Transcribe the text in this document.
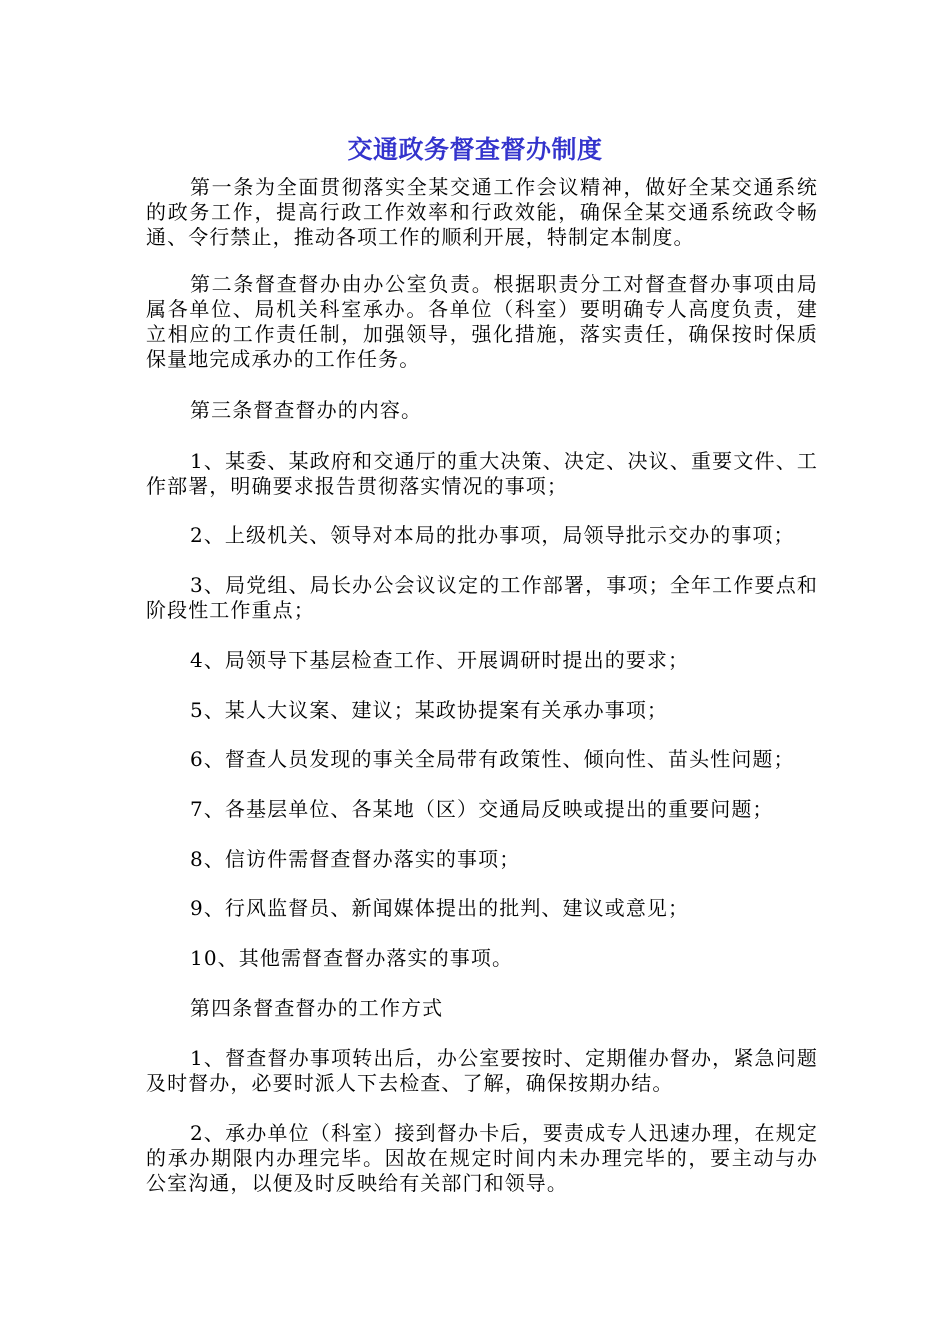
交通政务督查督办制度
第一条为全面贯彻落实全某交通工作会议精神，做好全某交通系统的政务工作，提高行政工作效率和行政效能，确保全某交通系统政令畅通、令行禁止，推动各项工作的顺利开展，特制定本制度。
第二条督查督办由办公室负责。根据职责分工对督查督办事项由局属各单位、局机关科室承办。各单位（科室）要明确专人高度负责，建立相应的工作责任制，加强领导，强化措施，落实责任，确保按时保质保量地完成承办的工作任务。
第三条督查督办的内容。
1、某委、某政府和交通厅的重大决策、决定、决议、重要文件、工作部署，明确要求报告贯彻落实情况的事项；
2、上级机关、领导对本局的批办事项，局领导批示交办的事项；
3、局党组、局长办公会议议定的工作部署，事项；全年工作要点和阶段性工作重点；
4、局领导下基层检查工作、开展调研时提出的要求；
5、某人大议案、建议；某政协提案有关承办事项；
6、督查人员发现的事关全局带有政策性、倾向性、苗头性问题；
7、各基层单位、各某地（区）交通局反映或提出的重要问题；
8、信访件需督查督办落实的事项；
9、行风监督员、新闻媒体提出的批判、建议或意见；
10、其他需督查督办落实的事项。
第四条督查督办的工作方式
1、督查督办事项转出后，办公室要按时、定期催办督办，紧急问题及时督办，必要时派人下去检查、了解，确保按期办结。
2、承办单位（科室）接到督办卡后，要责成专人迅速办理，在规定的承办期限内办理完毕。因故在规定时间内未办理完毕的，要主动与办公室沟通，以便及时反映给有关部门和领导。
